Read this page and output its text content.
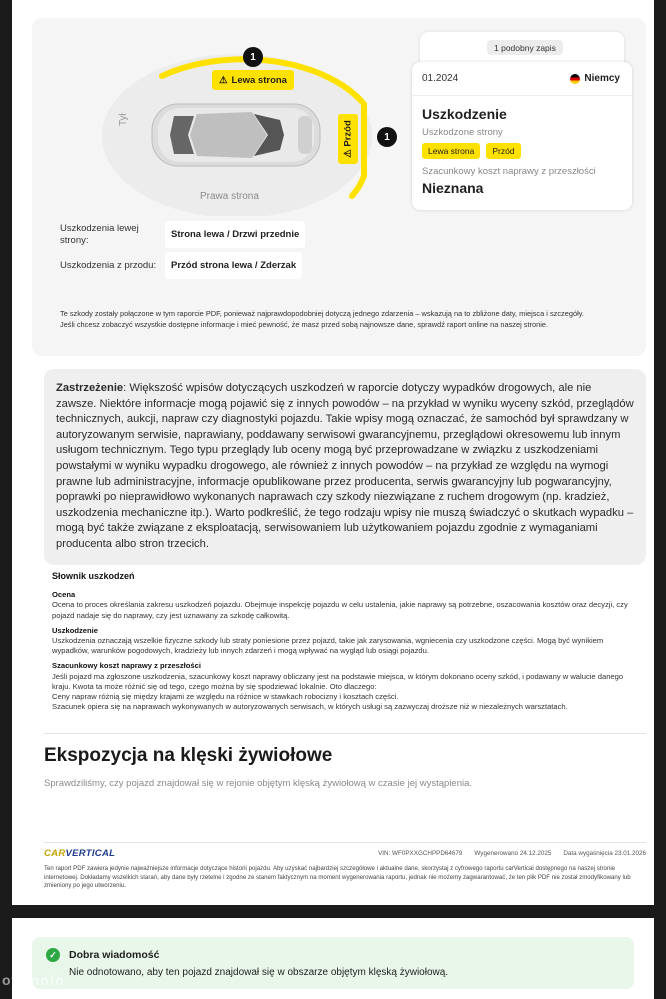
Tył
Prawa strona
⚠ Lewa strona
⚠ Przód
1
1
1 podobny zapis
01.2024	Niemcy
Uszkodzenie
Uszkodzone strony
Lewa strona	Przód
Szacunkowy koszt naprawy z przeszłości
Nieznana
Uszkodzenia lewej strony:	Strona lewa / Drzwi przednie
Uszkodzenia z przodu:	Przód strona lewa / Zderzak
Te szkody zostały połączone w tym raporcie PDF, ponieważ najprawdopodobniej dotyczą jednego zdarzenia – wskazują na to zbliżone daty, miejsca i szczegóły.
Jeśli chcesz zobaczyć wszystkie dostępne informacje i mieć pewność, że masz przed sobą najnowsze dane, sprawdź raport online na naszej stronie.
Zastrzeżenie: Większość wpisów dotyczących uszkodzeń w raporcie dotyczy wypadków drogowych, ale nie zawsze. Niektóre informacje mogą pojawić się z innych powodów – na przykład w wyniku wyceny szkód, przeglądów technicznych, aukcji, napraw czy diagnostyki pojazdu. Takie wpisy mogą oznaczać, że samochód był sprawdzany w autoryzowanym serwisie, naprawiany, poddawany serwisowi gwarancyjnemu, przeglądowi okresowemu lub innym usługom technicznym. Tego typu przeglądy lub oceny mogą być przeprowadzane w związku z uszkodzeniami powstałymi w wyniku wypadku drogowego, ale również z innych powodów – na przykład ze względu na wymogi prawne lub administracyjne, informacje opublikowane przez producenta, serwis gwarancyjny lub pogwarancyjny, poprawki po nieprawidłowo wykonanych naprawach czy szkody niezwiązane z ruchem drogowym (np. kradzież, uszkodzenia mechaniczne itp.). Warto podkreślić, że tego rodzaju wpisy nie muszą świadczyć o skutkach wypadku – mogą być także związane z eksploatacją, serwisowaniem lub użytkowaniem pojazdu zgodnie z wymaganiami producenta albo stron trzecich.
Słownik uszkodzeń
Ocena
Ocena to proces określania zakresu uszkodzeń pojazdu. Obejmuje inspekcję pojazdu w celu ustalenia, jakie naprawy są potrzebne, oszacowania kosztów oraz decyzji, czy pojazd nadaje się do naprawy, czy jest uznawany za szkodę całkowitą.
Uszkodzenie
Uszkodzenia oznaczają wszelkie fizyczne szkody lub straty poniesione przez pojazd, takie jak zarysowania, wgniecenia czy uszkodzone części. Mogą być wynikiem wypadków, warunków pogodowych, kradzieży lub innych zdarzeń i mogą wpływać na wygląd lub osiągi pojazdu.
Szacunkowy koszt naprawy z przeszłości
Jeśli pojazd ma zgłoszone uszkodzenia, szacunkowy koszt naprawy obliczany jest na podstawie miejsca, w którym dokonano oceny szkód, i podawany w walucie danego kraju. Kwota ta może różnić się od tego, czego można by się spodziewać lokalnie. Oto dlaczego:
Ceny napraw różnią się między krajami ze względu na różnice w stawkach robocizny i kosztach części.
Szacunek opiera się na naprawach wykonywanych w autoryzowanych serwisach, w których usługi są zazwyczaj droższe niż w niezależnych warsztatach.
Ekspozycja na klęski żywiołowe
Sprawdziliśmy, czy pojazd znajdował się w rejonie objętym klęską żywiołową w czasie jej wystąpienia.
CARVERTICAL	VIN: WF0PXXGCHPPD64679 Wygenerowano 24.12.2025 Data wygaśnięcia 23.01.2026
Ten raport PDF zawiera jedynie najważniejsze informacje dotyczące historii pojazdu. Aby uzyskać najbardziej szczegółowe i aktualne dane, skorzystaj z cyfrowego raportu carVertical dostępnego na naszej stronie internetowej. Dokładamy wszelkich starań, aby dane były rzetelne i zgodne ze stanem faktycznym na moment wygenerowania raportu, jednak nie możemy zagwarantować, że ten plik PDF nie został zmodyfikowany lub zmieniony po jego utworzeniu.
✓	Dobra wiadomość
Nie odnotowano, aby ten pojazd znajdował się w obszarze objętym klęską żywiołową.
otomoto
